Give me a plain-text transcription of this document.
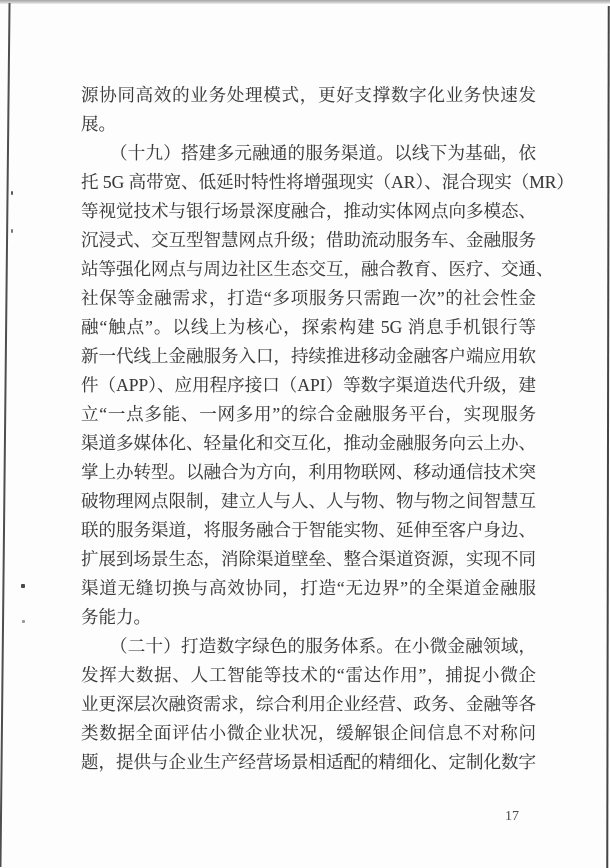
源协同高效的业务处理模式，更好支撑数字化业务快速发
展。
（十九）搭建多元融通的服务渠道。以线下为基础，依
托 5G 高带宽、低延时特性将增强现实（AR）、混合现实（MR）
等视觉技术与银行场景深度融合，推动实体网点向多模态、
沉浸式、交互型智慧网点升级；借助流动服务车、金融服务
站等强化网点与周边社区生态交互，融合教育、医疗、交通、
社保等金融需求，打造“多项服务只需跑一次”的社会性金
融“触点”。以线上为核心，探索构建 5G 消息手机银行等
新一代线上金融服务入口，持续推进移动金融客户端应用软
件（APP）、应用程序接口（API）等数字渠道迭代升级，建
立“一点多能、一网多用”的综合金融服务平台，实现服务
渠道多媒体化、轻量化和交互化，推动金融服务向云上办、
掌上办转型。以融合为方向，利用物联网、移动通信技术突
破物理网点限制，建立人与人、人与物、物与物之间智慧互
联的服务渠道，将服务融合于智能实物、延伸至客户身边、
扩展到场景生态，消除渠道壁垒、整合渠道资源，实现不同
渠道无缝切换与高效协同，打造“无边界”的全渠道金融服
务能力。
（二十）打造数字绿色的服务体系。在小微金融领域，
发挥大数据、人工智能等技术的“雷达作用”，捕捉小微企
业更深层次融资需求，综合利用企业经营、政务、金融等各
类数据全面评估小微企业状况，缓解银企间信息不对称问
题，提供与企业生产经营场景相适配的精细化、定制化数字
17
